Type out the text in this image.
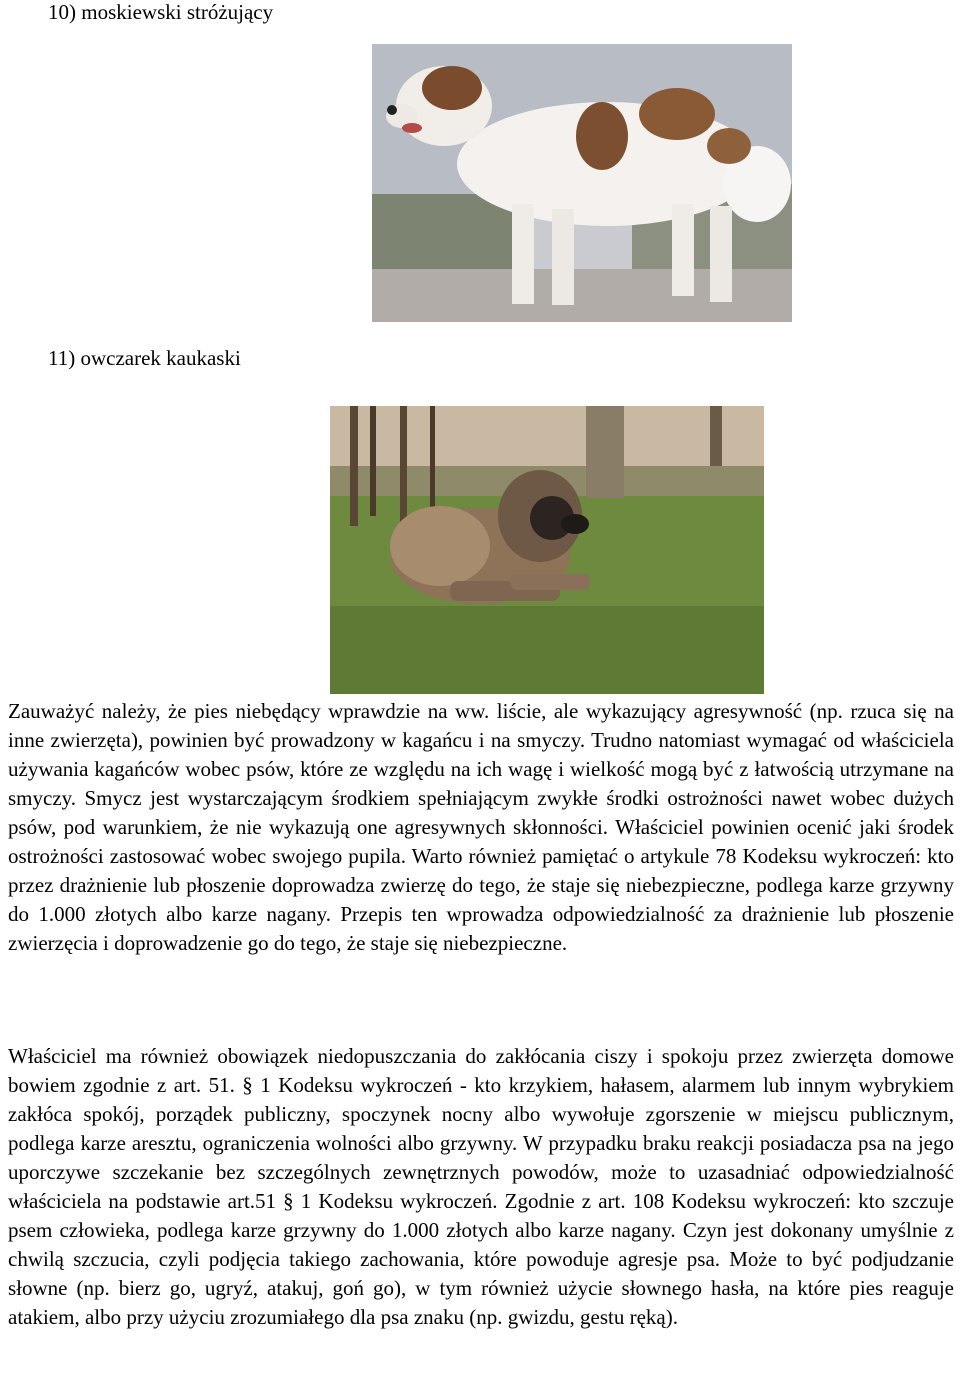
10) moskiewski stróżujący
11) owczarek kaukaski

Zauważyć należy, że pies niebędący wprawdzie na ww. liście, ale wykazujący agresywność (np. rzuca się na inne zwierzęta), powinien być prowadzony w kagańcu i na smyczy. Trudno natomiast wymagać od właściciela używania kagańców wobec psów, które ze względu na ich wagę i wielkość mogą być z łatwością utrzymane na smyczy. Smycz jest wystarczającym środkiem spełniającym zwykłe środki ostrożności nawet wobec dużych psów, pod warunkiem, że nie wykazują one agresywnych skłonności. Właściciel powinien ocenić jaki środek ostrożności zastosować wobec swojego pupila. Warto również pamiętać o artykule 78 Kodeksu wykroczeń: kto przez drażnienie lub płoszenie doprowadza zwierzę do tego, że staje się niebezpieczne, podlega karze grzywny do 1.000 złotych albo karze nagany. Przepis ten wprowadza odpowiedzialność za drażnienie lub płoszenie zwierzęcia i doprowadzenie go do tego, że staje się niebezpieczne.

Właściciel ma również obowiązek niedopuszczania do zakłócania ciszy i spokoju przez zwierzęta domowe bowiem zgodnie z art. 51. § 1 Kodeksu wykroczeń - kto krzykiem, hałasem, alarmem lub innym wybrykiem zakłóca spokój, porządek publiczny, spoczynek nocny albo wywołuje zgorszenie w miejscu publicznym, podlega karze aresztu, ograniczenia wolności albo grzywny. W przypadku braku reakcji posiadacza psa na jego uporczywe szczekanie bez szczególnych zewnętrznych powodów, może to uzasadniać odpowiedzialność właściciela na podstawie art.51 § 1 Kodeksu wykroczeń. Zgodnie z art. 108 Kodeksu wykroczeń: kto szczuje psem człowieka, podlega karze grzywny do 1.000 złotych albo karze nagany. Czyn jest dokonany umyślnie z chwilą szczucia, czyli podjęcia takiego zachowania, które powoduje agresje psa. Może to być podjudzanie słowne (np. bierz go, ugryź, atakuj, goń go), w tym również użycie słownego hasła, na które pies reaguje atakiem, albo przy użyciu zrozumiałego dla psa znaku (np. gwizdu, gestu ręką).
